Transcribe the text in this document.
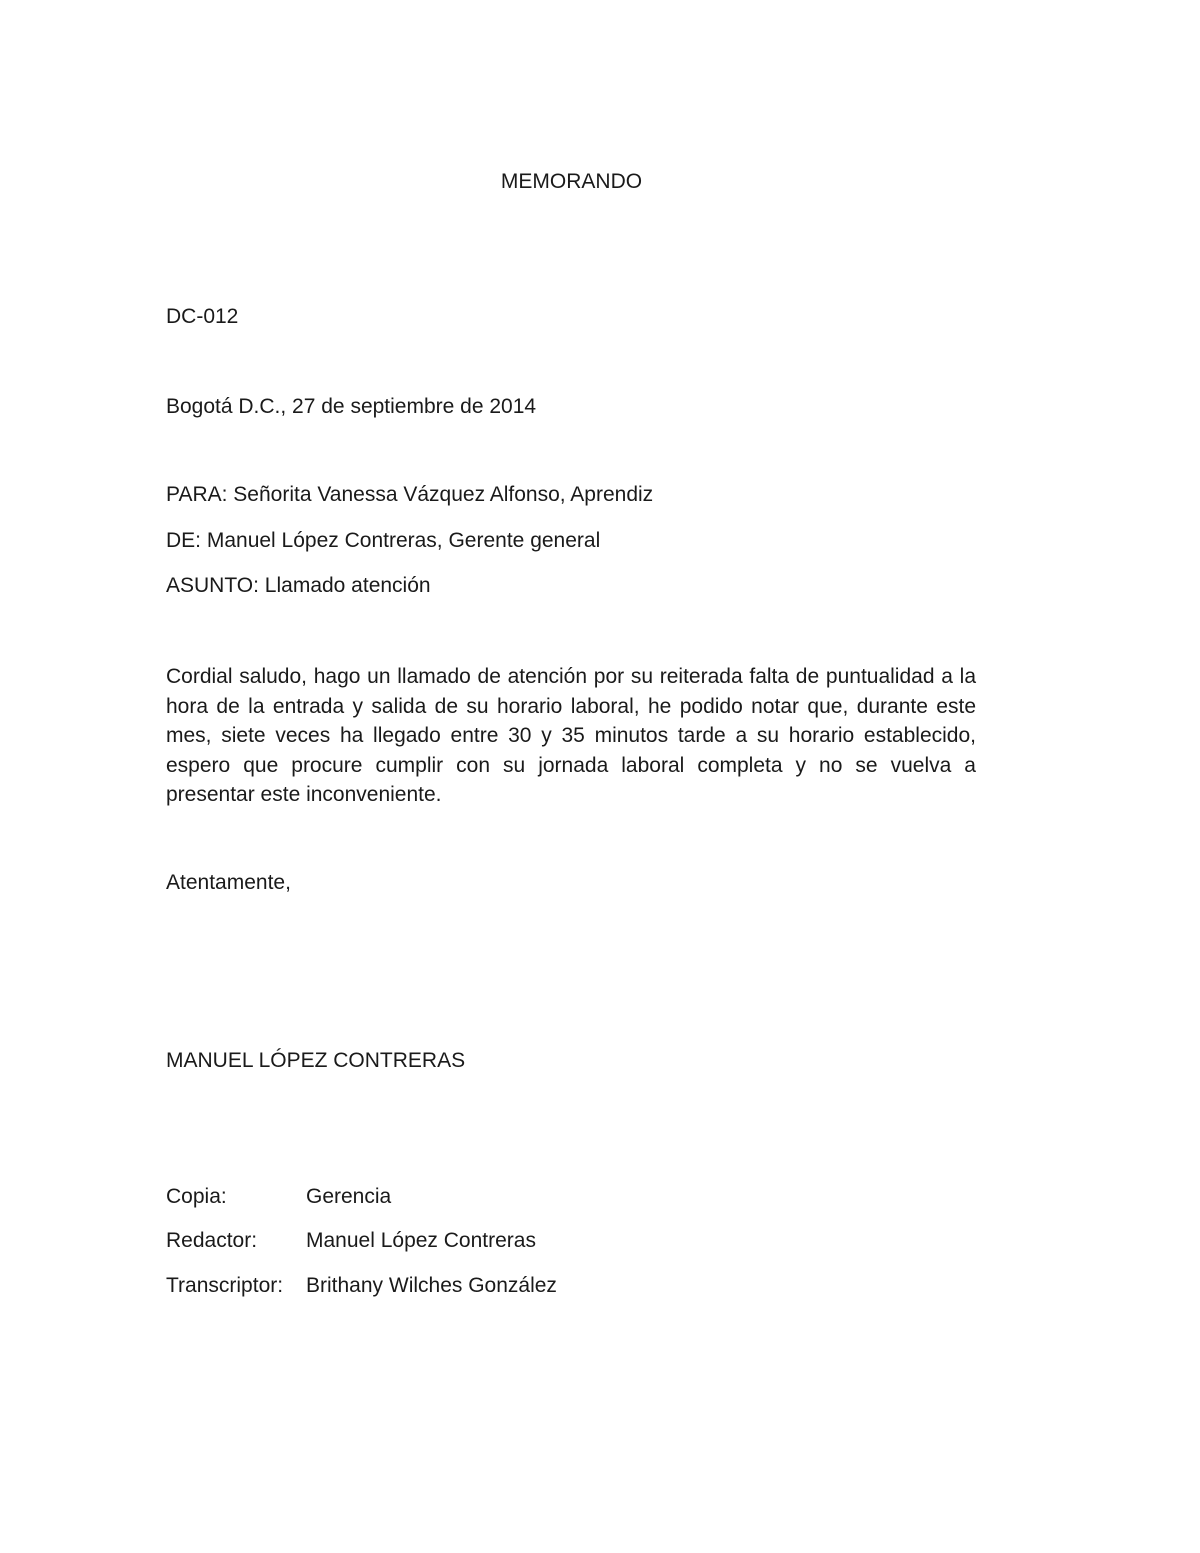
MEMORANDO
DC-012
Bogotá D.C., 27 de septiembre de 2014
PARA: Señorita Vanessa Vázquez Alfonso, Aprendiz
DE: Manuel López Contreras, Gerente general
ASUNTO: Llamado atención
Cordial saludo, hago un llamado de atención por su reiterada falta de puntualidad a la hora de la entrada y salida de su horario laboral, he podido notar que, durante este mes, siete veces ha llegado entre 30 y 35 minutos tarde a su horario establecido, espero que procure cumplir con su jornada laboral completa y no se vuelva a presentar este inconveniente.
Atentamente,
MANUEL LÓPEZ CONTRERAS
Copia:	Gerencia
Redactor: Manuel López Contreras
Transcriptor: Brithany Wilches González
